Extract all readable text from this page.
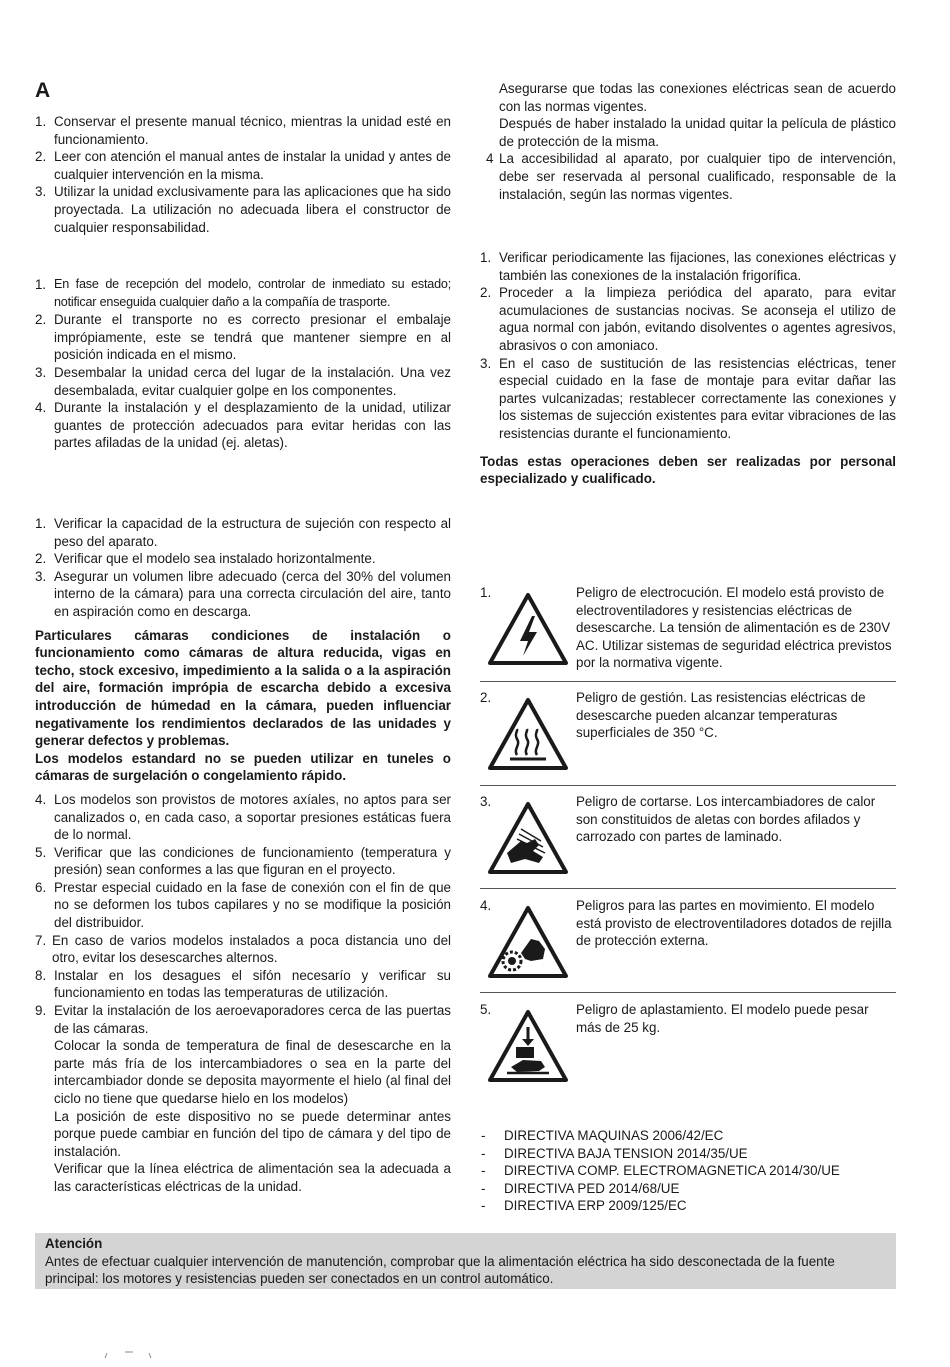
A
1. Conservar el presente manual técnico, mientras la unidad esté en funcionamiento.
2. Leer con atención el manual antes de instalar la unidad y antes de cualquier intervención en la misma.
3. Utilizar la unidad exclusivamente para las aplicaciones que ha sido proyectada. La utilización no adecuada libera el constructor de cualquier responsabilidad.
1. En fase de recepción del modelo, controlar de inmediato su estado; notificar enseguida cualquier daño a la compañía de trasporte.
2. Durante el transporte no es correcto presionar el embalaje imprópiamente, este se tendrá que mantener siempre en al posición indicada en el mismo.
3. Desembalar la unidad cerca del lugar de la instalación. Una vez desembalada, evitar cualquier golpe en los componentes.
4. Durante la instalación y el desplazamiento de la unidad, utilizar guantes de protección adecuados para evitar heridas con las partes afiladas de la unidad (ej. aletas).
1. Verificar la capacidad de la estructura de sujeción con respecto al peso del aparato.
2. Verificar que el modelo sea instalado horizontalmente.
3. Asegurar un volumen libre adecuado (cerca del 30% del volumen interno de la cámara) para una correcta circulación del aire, tanto en aspiración como en descarga.

Particulares cámaras condiciones de instalación o funcionamiento como cámaras de altura reducida, vigas en techo, stock excesivo, impedimiento a la salida o a la aspiración del aire, formación imprópia de escarcha debido a excesiva introducción de húmedad en la cámara, pueden influenciar negativamente los rendimientos declarados de las unidades y generar defectos y problemas.

Los modelos estandard no se pueden utilizar en tuneles o cámaras de surgelación o congelamiento rápido.

4. Los modelos son provistos de motores axíales, no aptos para ser canalizados o, en cada caso, a soportar presiones estáticas fuera de lo normal.
5. Verificar que las condiciones de funcionamiento (temperatura y presión) sean conformes a las que figuran en el proyecto.
6. Prestar especial cuidado en la fase de conexión con el fin de que no se deformen los tubos capilares y no se modifique la posición del distribuidor.
7. En caso de varios modelos instalados a poca distancia uno del otro, evitar los desescarches alternos.
8. Instalar en los desagues el sifón necesarío y verificar su funcionamiento en todas las temperaturas de utilización.
9. Evitar la instalación de los aeroevaporadores cerca de las puertas de las cámaras.

Colocar la sonda de temperatura de final de desescarche en la parte más fría de los intercambiadores o sea en la parte del intercambiador donde se deposita mayormente el hielo (al final del ciclo no tiene que quedarse hielo en los modelos)

La posición de este dispositivo no se puede determinar antes porque puede cambiar en función del tipo de cámara y del tipo de instalación.

Verificar que la línea eléctrica de alimentación sea la adecuada a las características eléctricas de la unidad.

Asegurarse que todas las conexiones eléctricas sean de acuerdo con las normas vigentes.

Después de haber instalado la unidad quitar la película de plástico de protección de la misma.

4 La accesibilidad al aparato, por cualquier tipo de intervención, debe ser reservada al personal cualificado, responsable de la instalación, según las normas vigentes.
1. Verificar periodicamente las fijaciones, las conexiones eléctricas y también las conexiones de la instalación frigorífica.
2. Proceder a la limpieza periódica del aparato, para evitar acumulaciones de sustancias nocivas. Se aconseja el utilizo de agua normal con jabón, evitando disolventes o agentes agresivos, abrasivos o con amoniaco.
3. En el caso de sustitución de las resistencias eléctricas, tener especial cuidado en la fase de montaje para evitar dañar las partes vulcanizadas; restablecer correctamente las conexiones y los sistemas de sujección existentes para evitar vibraciones de las resistencias durante el funcionamiento.

Todas estas operaciones deben ser realizadas por personal especializado y cualificado.

1.	Peligro de electrocución. El modelo está provisto de electroventiladores y resistencias eléctricas de desescarche. La tensión de alimentación es de 230V AC. Utilizar sistemas de seguridad eléctrica previstos por la normativa vigente.

2.	Peligro de gestión. Las resistencias eléctricas de desescarche pueden alcanzar temperaturas superficiales de 350 °C.

3.	Peligro de cortarse. Los intercambiadores de calor son constituidos de aletas con bordes afilados y carrozado con partes de laminado.

4.	Peligros para las partes en movimiento. El modelo está provisto de electroventiladores dotados de rejilla de protección externa.

5.	Peligro de aplastamiento. El modelo puede pesar más de 25 kg.

- DIRECTIVA MAQUINAS 2006/42/EC
- DIRECTIVA BAJA TENSION 2014/35/UE
- DIRECTIVA COMP. ELECTROMAGNETICA 2014/30/UE
- DIRECTIVA PED 2014/68/UE
- DIRECTIVA ERP 2009/125/EC
Atención
Antes de efectuar cualquier intervención de manutención, comprobar que la alimentación eléctrica ha sido desconectada de la fuente principal: los motores y resistencias pueden ser conectados en un control automático.
